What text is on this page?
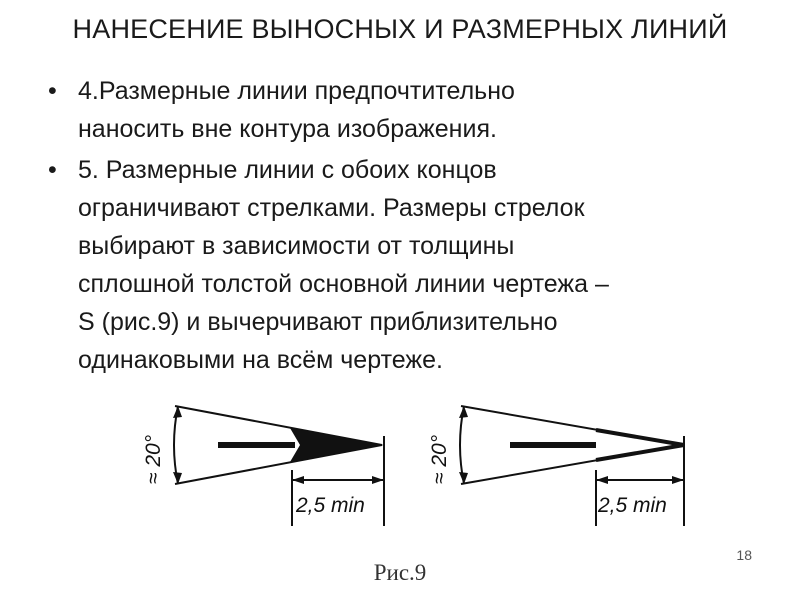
НАНЕСЕНИЕ ВЫНОСНЫХ И РАЗМЕРНЫХ ЛИНИЙ
• 4.Размерные линии предпочтительно
наносить вне контура изображения.
• 5. Размерные линии с обоих концов
ограничивают стрелками. Размеры стрелок
выбирают в зависимости от толщины
сплошной толстой основной линии чертежа –
S (рис.9) и вычерчивают приблизительно
одинаковыми на всём чертеже.
2,5 min
≈ 20°
2,5 min
≈ 20°
Рис.9
18
